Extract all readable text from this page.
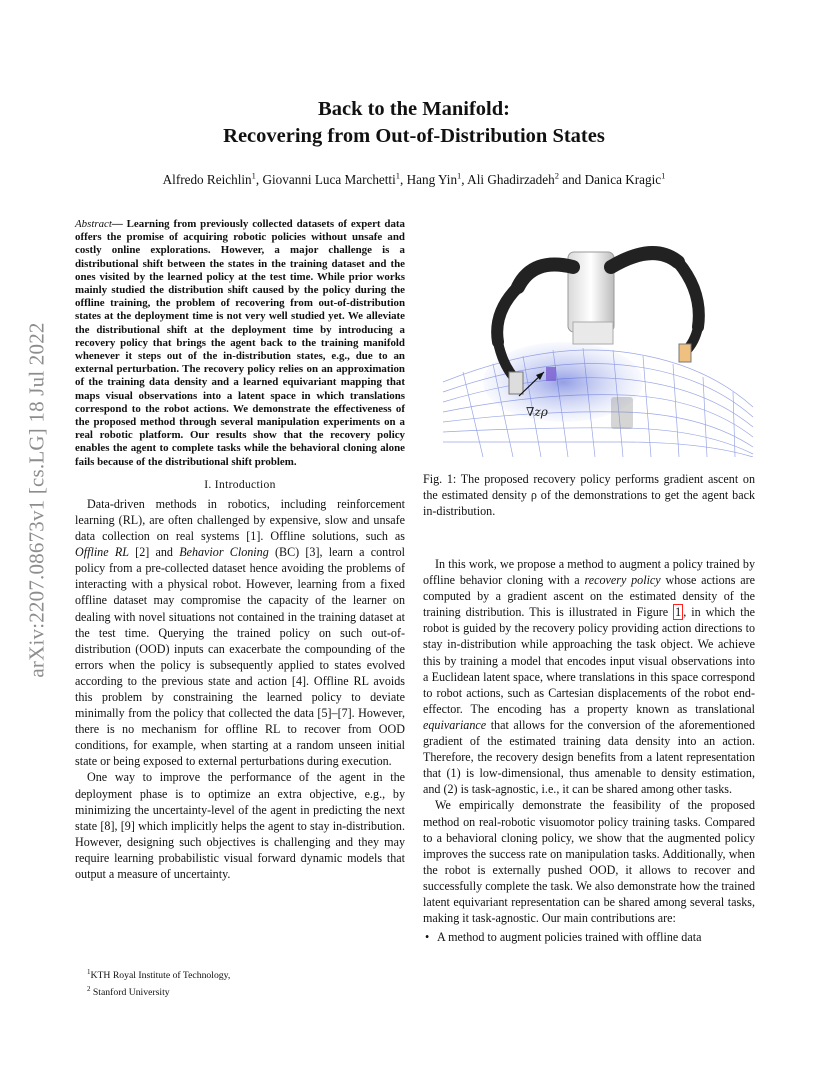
arXiv:2207.08673v1 [cs.LG] 18 Jul 2022
Back to the Manifold:
Recovering from Out-of-Distribution States
Alfredo Reichlin$^1$, Giovanni Luca Marchetti$^1$, Hang Yin$^1$, Ali Ghadirzadeh$^2$ and Danica Kragic$^1$

Abstract— Learning from previously collected datasets of expert data offers the promise of acquiring robotic policies without unsafe and costly online explorations. However, a major challenge is a distributional shift between the states in the training dataset and the ones visited by the learned policy at the test time. While prior works mainly studied the distribution shift caused by the policy during the offline training, the problem of recovering from out-of-distribution states at the deployment time is not very well studied yet. We alleviate the distributional shift at the deployment time by introducing a recovery policy that brings the agent back to the training manifold whenever it steps out of the in-distribution states, e.g., due to an external perturbation. The recovery policy relies on an approximation of the training data density and a learned equivariant mapping that maps visual observations into a latent space in which translations correspond to the robot actions. We demonstrate the effectiveness of the proposed method through several manipulation experiments on a real robotic platform. Our results show that the recovery policy enables the agent to complete tasks while the behavioral cloning alone fails because of the distributional shift problem.

I. Introduction

Data-driven methods in robotics, including reinforcement learning (RL), are often challenged by expensive, slow and unsafe data collection on real systems [1]. Offline solutions, such as Offline RL [2] and Behavior Cloning (BC) [3], learn a control policy from a pre-collected dataset hence avoiding the problems of interacting with a physical robot. However, learning from a fixed offline dataset may compromise the capacity of the learner on dealing with novel situations not contained in the training dataset at the test time. Querying the trained policy on such out-of-distribution (OOD) inputs can exacerbate the compounding of the errors when the policy is subsequently applied to states evolved according to the previous state and action [4]. Offline RL avoids this problem by constraining the learned policy to deviate minimally from the policy that collected the data [5]–[7]. However, there is no mechanism for offline RL to recover from OOD conditions, for example, when starting at a random unseen initial state or being exposed to external perturbations during execution.

One way to improve the performance of the agent in the deployment phase is to optimize an extra objective, e.g., by minimizing the uncertainty-level of the agent in predicting the next state [8], [9] which implicitly helps the agent to stay in-distribution. However, designing such objectives is challenging and they may require learning probabilistic visual forward dynamic models that output a measure of uncertainty.

$^1$KTH Royal Institute of Technology,
$^2$ Stanford University
∇zρ

Fig. 1: The proposed recovery policy performs gradient ascent on the estimated density ρ of the demonstrations to get the agent back in-distribution.

In this work, we propose a method to augment a policy trained by offline behavior cloning with a recovery policy whose actions are computed by a gradient ascent on the estimated density of the training distribution. This is illustrated in Figure 1 , in which the robot is guided by the recovery policy providing action directions to stay in-distribution while approaching the task object. We achieve this by training a model that encodes input visual observations into a Euclidean latent space, where translations in this space correspond to robot actions, such as Cartesian displacements of the robot end-effector. The encoding has a property known as translational equivariance that allows for the conversion of the aforementioned gradient of the estimated training data density into an action. Therefore, the recovery design benefits from a latent representation that (1) is low-dimensional, thus amenable to density estimation, and (2) is task-agnostic, i.e., it can be shared among other tasks.

We empirically demonstrate the feasibility of the proposed method on real-robotic visuomotor policy training tasks. Compared to a behavioral cloning policy, we show that the augmented policy improves the success rate on manipulation tasks. Additionally, when the robot is externally pushed OOD, it allows to recover and successfully complete the task. We also demonstrate how the trained latent equivariant representation can be shared among several tasks, making it task-agnostic. Our main contributions are:

• A method to augment policies trained with offline data
